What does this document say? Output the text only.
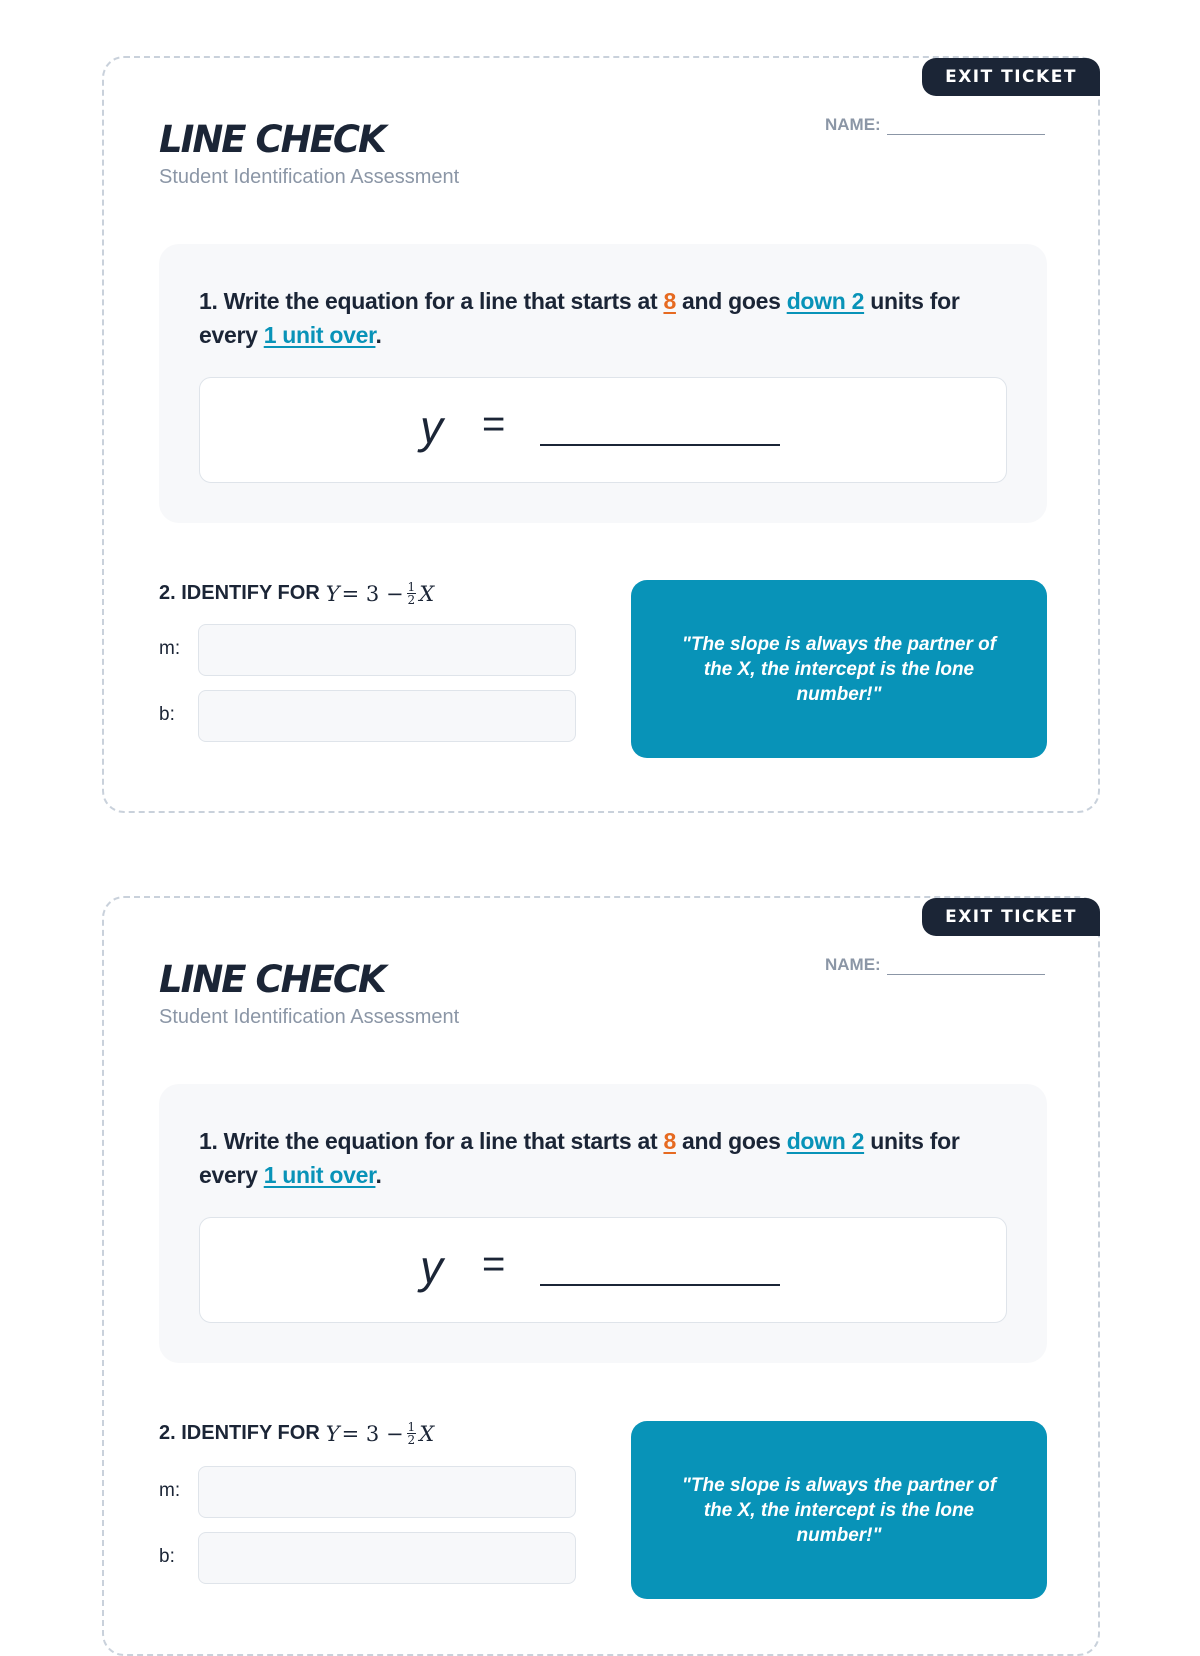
EXIT TICKET
LINE CHECK
Student Identification Assessment
NAME:
1. Write the equation for a line that starts at 8 and goes down 2 units for every 1 unit over.
y =
2. IDENTIFY FOR $Y = 3 - \frac{1}{2}$ X
m:
b:
"The slope is always the partner of the X, the intercept is the lone number!"
EXIT TICKET
LINE CHECK
Student Identification Assessment
NAME:
1. Write the equation for a line that starts at 8 and goes down 2 units for every 1 unit over.
y =
2. IDENTIFY FOR $Y = 3 - \frac{1}{2}$ X
m:
b:
"The slope is always the partner of the X, the intercept is the lone number!"
